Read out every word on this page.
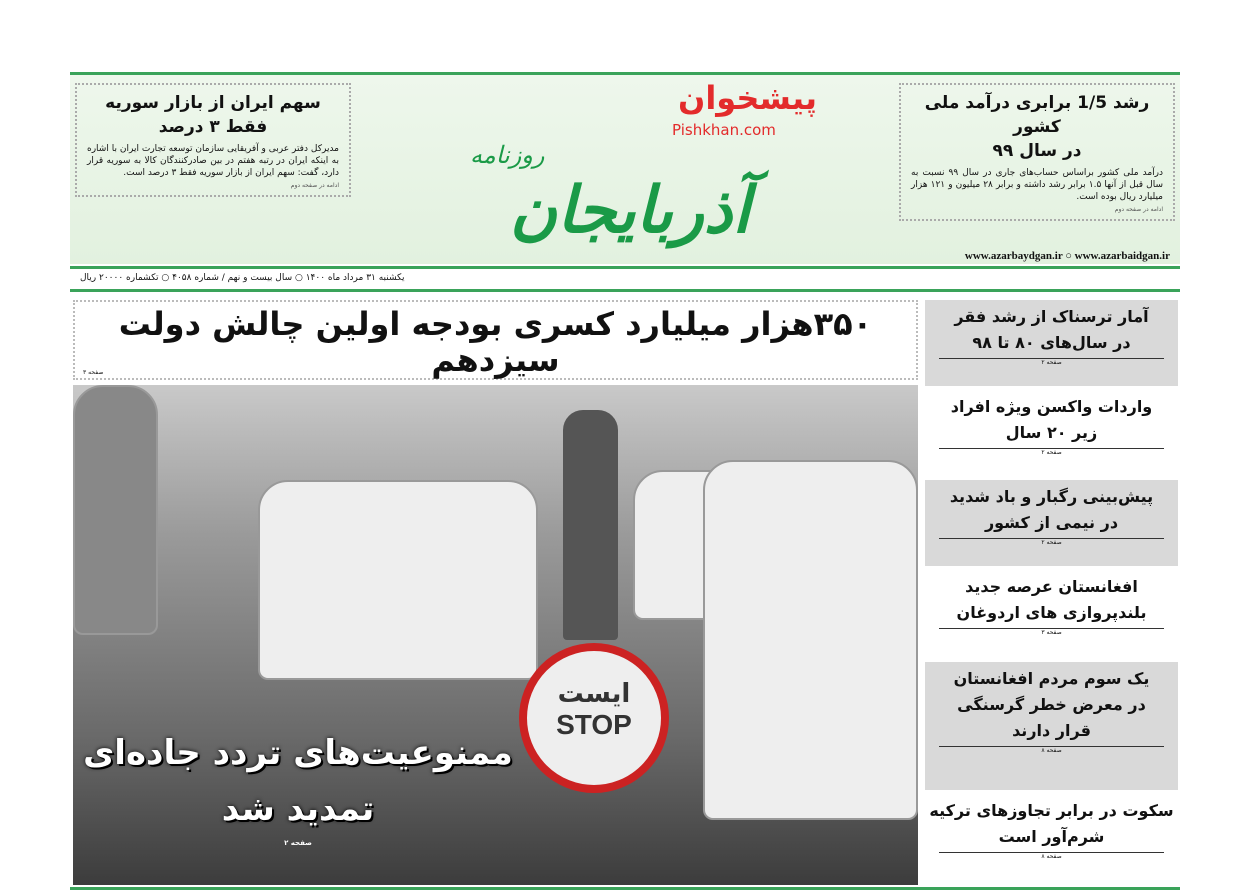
سهم ایران از بازار سوریه
فقط ۳ درصد

مدیرکل دفتر عربی و آفریقایی سازمان توسعه تجارت ایران با اشاره به اینکه ایران در رتبه هفتم در بین صادرکنندگان کالا به سوریه قرار دارد، گفت: سهم ایران از بازار سوریه فقط ۳ درصد است.

ادامه در صفحه دوم
پیشخوان
Pishkhan.com
روزنامه
آذربایجان
رشد 1/5 برابری درآمد ملی کشور
در سال ۹۹

درآمد ملی کشور براساس حساب‌های جاری در سال ۹۹ نسبت به سال قبل از آنها ۱.۵ برابر رشد داشته و برابر ۲۸ میلیون و ۱۲۱ هزار میلیارد ریال بوده است.

ادامه در صفحه دوم
www.azarbaydgan.ir ○ www.azarbaidgan.ir
یکشنبه ۳۱ مرداد ماه ۱۴۰۰ ○ سال بیست و نهم / شماره ۴۰۵۸ ○ تکشماره ۲۰۰۰۰ ریال
۳۵۰هزار میلیارد کسری بودجه اولین چالش دولت سیزدهم
صفحه ۳
ایست
STOP
ممنوعیت‌های تردد جاده‌ای
تمدید شد
صفحه ۲
آمار ترسناک از رشد فقر
در سال‌های ۸۰ تا ۹۸
صفحه ۲
واردات واکسن ویژه افراد
زیر ۲۰ سال
صفحه ۲
پیش‌بینی رگبار و باد شدید
در نیمی از کشور
صفحه ۲
افغانستان عرصه جدید
بلندپروازی های اردوغان
صفحه ۳
یک سوم مردم افغانستان
در معرض خطر گرسنگی
قرار دارند
صفحه ۸
سکوت در برابر تجاوزهای ترکیه
شرم‌آور است
صفحه ۸
